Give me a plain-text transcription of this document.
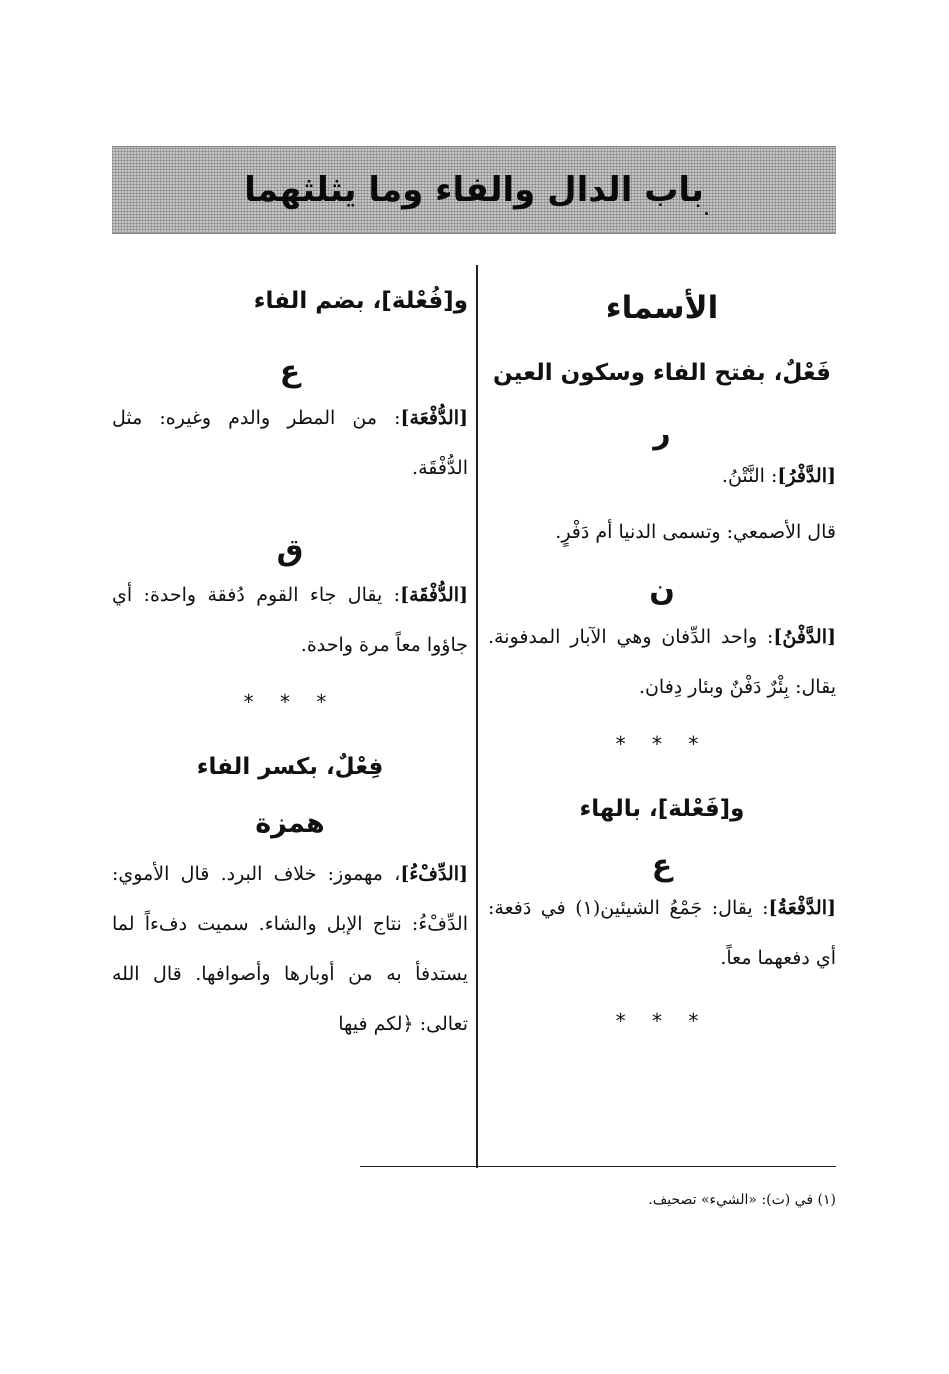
باب الدال والفاء وما يثلثهما
الأسماء
فَعْلٌ، بفتح الفاء وسكون العين
ر
[الدَّفْرُ]: النَّتْنُ.
قال الأصمعي: وتسمى الدنيا أم دَفْرٍ.
ن
[الدَّفْنُ]: واحد الدِّفان وهي الآبار المدفونة. يقال: بِئْرٌ دَفْنٌ وبئار دِفان.
* * *
و[فَعْلة]، بالهاء
ع
[الدَّفْعَةُ]: يقال: جَمْعُ الشيئين(١) في دَفعة: أي دفعهما معاً.
* * *
و[فُعْلة]، بضم الفاء
ع
[الدُّفْعَة]: من المطر والدم وغيره: مثل الدُّفْقَة.
ق
[الدُّفْقَة]: يقال جاء القوم دُفقة واحدة: أي جاؤوا معاً مرة واحدة.
* * *
فِعْلٌ، بكسر الفاء
همزة
[الدِّفْءُ]، مهموز: خلاف البرد. قال الأموي: الدِّفْءُ: نتاج الإبل والشاء. سميت دفءاً لما يستدفأ به من أوبارها وأصوافها. قال الله تعالى: ﴿لكم فيها
(١) في (ت): «الشيء» تصحيف.
